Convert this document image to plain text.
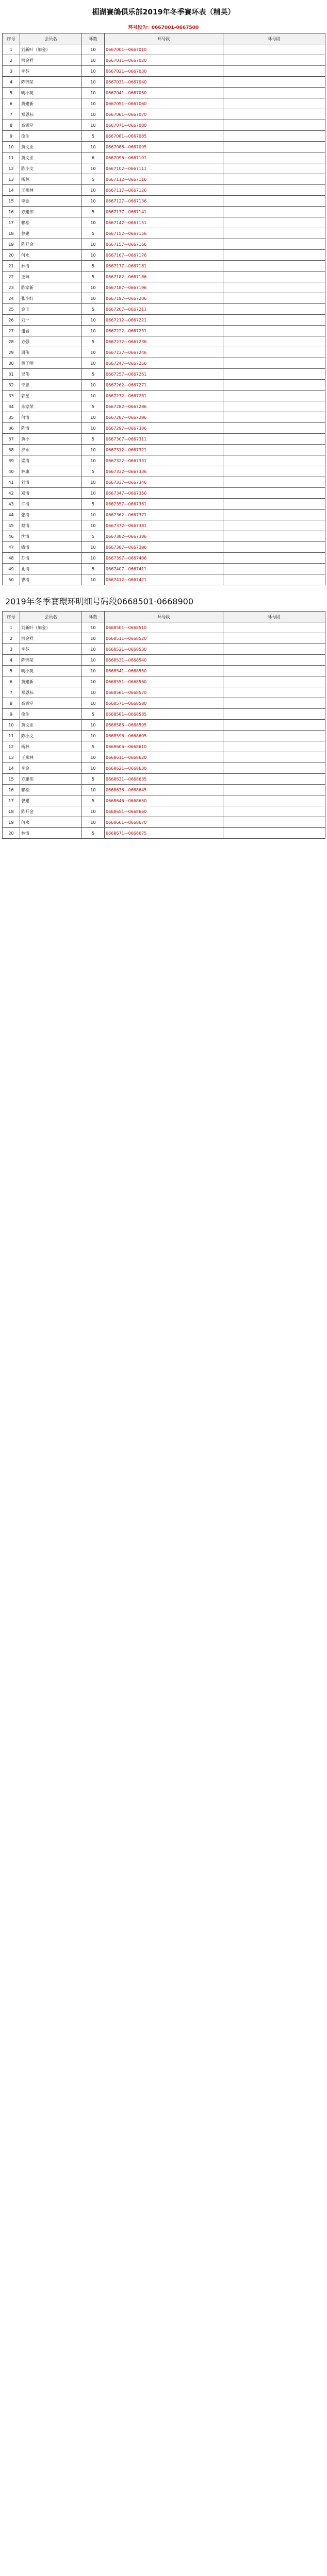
楣湖賽鴿俱乐部2019年冬季賽环表（精英）
环号段为：0667001-0667500
序号	会员名	环数	环号段	环号段
1	刘新叶（加金）	10	0667001—0667010	
2	洪金祥	10	0667011—0667020	
3	李芬	10	0667021—0667030	
4	陈锦荣	10	0667031—0667040	
5	明小英	10	0667041—0667050	
6	黄建新	10	0667051—0667060	
7	郑恩标	10	0667061—0667070	
8	高满堂	10	0667071—0667080	
9	徐生	5	0667081—0667085	
10	黄文亚	10	0667086—0667095	
11	黄文亚	6	0667096—0667101	
12	陈小文	10	0667102—0667111	
13	杨林	5	0667112—0667116	
14	王燕林	10	0667117—0667126	
15	李金	10	0667127—0667136	
16	方建伟	5	0667137—0667141	
17	赖松	10	0667142—0667151	
18	曾建	5	0667152—0667156	
19	陈开金	10	0667157—0667166	
20	何永	10	0667167—0667176	
21	林清	5	0667177—0667181	
22	王琳	5	0667182—0667186	
23	陈家新	10	0667187—0667196	
24	张小红	10	0667197—0667206	
25	金玉	5	0667207—0667211	
26	刘一	10	0667212—0667221	
27	谢君	10	0667222—0667231	
28	方强	5	0667232—0667236	
29	周伟	10	0667237—0667246	
30	黄子明	10	0667247—0667256	
31	吴伟	5	0667257—0667261	
32	宁忠	10	0667262—0667271	
33	郭星	10	0667272—0667281	
34	朱家荣	5	0667282—0667286	
35	何清	10	0667287—0667296	
36	陈清	10	0667297—0667306	
37	黄小	5	0667307—0667311	
38	罗永	10	0667312—0667321	
39	梁清	10	0667322—0667331	
40	林康	5	0667332—0667336	
41	刘清	10	0667337—0667346	
42	邓清	10	0667347—0667356	
43	许清	5	0667357—0667361	
44	张清	10	0667362—0667371	
45	蔡清	10	0667372—0667381	
46	沈清	5	0667382—0667386	
47	钱清	10	0667387—0667396	
48	苏清	10	0667397—0667406	
49	孔清	5	0667407—0667411	
50	曹清	10	0667412—0667421	
2019年冬季賽環环明细号码段0668501-0668900
序号	会员名	环数	环号段	环号段
1	刘新叶（加金）	10	0668501—0668510	
2	洪金祥	10	0668511—0668520	
3	李芬	10	0668521—0668530	
4	陈锦荣	10	0668531—0668540	
5	明小英	10	0668541—0668550	
6	黄建新	10	0668551—0668560	
7	郑恩标	10	0668561—0668570	
8	高满堂	10	0668571—0668580	
9	徐生	5	0668581—0668585	
10	黄文亚	10	0668586—0668595	
11	陈小文	10	0668596—0668605	
12	杨林	5	0668606—0668610	
13	王燕林	10	0668611—0668620	
14	李金	10	0668621—0668630	
15	方建伟	5	0668631—0668635	
16	赖松	10	0668636—0668645	
17	曾建	5	0668646—0668650	
18	陈开金	10	0668651—0668660	
19	何永	10	0668661—0668670	
20	林清	5	0668671—0668675	
